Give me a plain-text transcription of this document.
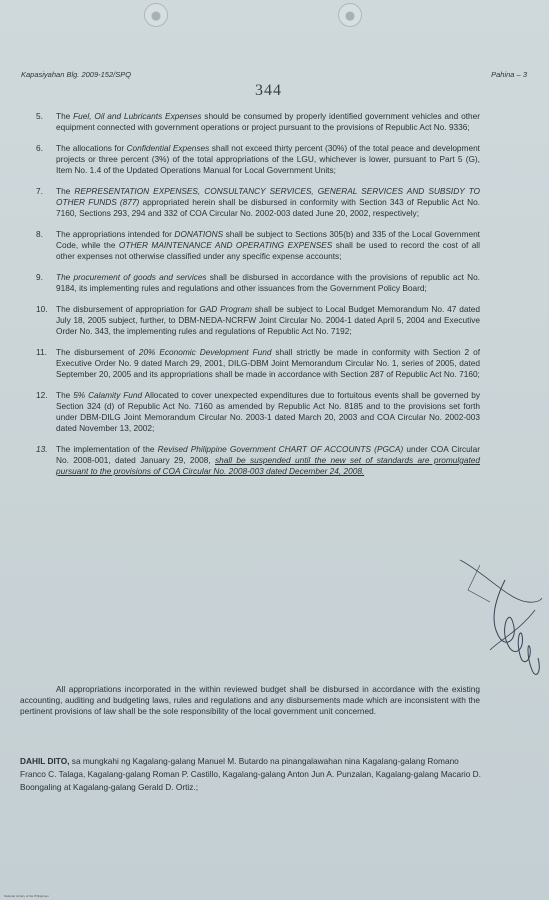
Kapasiyahan Blg. 2009-152/SPQ	Pahina – 3
344
5.	The Fuel, Oil and Lubricants Expenses should be consumed by properly identified government vehicles and other equipment connected with government operations or project pursuant to the provisions of Republic Act No. 9336;
6.	The allocations for Confidential Expenses shall not exceed thirty percent (30%) of the total peace and development projects or three percent (3%) of the total appropriations of the LGU, whichever is lower, pursuant to Part 5 (G), Item No. 1.4 of the Updated Operations Manual for Local Government Units;
7.	The REPRESENTATION EXPENSES, CONSULTANCY SERVICES, GENERAL SERVICES AND SUBSIDY TO OTHER FUNDS (877) appropriated herein shall be disbursed in conformity with Section 343 of Republic Act No. 7160, Sections 293, 294 and 332 of COA Circular No. 2002-003 dated June 20, 2002, respectively;
8.	The appropriations intended for DONATIONS shall be subject to Sections 305(b) and 335 of the Local Government Code, while the OTHER MAINTENANCE AND OPERATING EXPENSES shall be used to record the cost of all other expenses not otherwise classified under any specific expense accounts;
9.	The procurement of goods and services shall be disbursed in accordance with the provisions of republic act No. 9184, its implementing rules and regulations and other issuances from the Government Policy Board;
10.	The disbursement of appropriation for GAD Program shall be subject to Local Budget Memorandum No. 47 dated July 18, 2005 subject, further, to DBM-NEDA-NCRFW Joint Circular No. 2004-1 dated April 5, 2004 and Executive Order No. 343, the implementing rules and regulations of Republic Act No. 7192;
11.	The disbursement of 20% Economic Development Fund shall strictly be made in conformity with Section 2 of Executive Order No. 9 dated March 29, 2001, DILG-DBM Joint Memorandum Circular No. 1, series of 2005, dated September 20, 2005 and its appropriations shall be made in accordance with Section 287 of Republic Act No. 7160;
12.	The 5% Calamity Fund Allocated to cover unexpected expenditures due to fortuitous events shall be governed by Section 324 (d) of Republic Act No. 7160 as amended by Republic Act No. 8185 and to the provisions set forth under DBM-DILG Joint Memorandum Circular No. 2003-1 dated March 20, 2003 and COA Circular No. 2002-003 dated November 13, 2002;
13.	The implementation of the Revised Philippine Government CHART OF ACCOUNTS (PGCA) under COA Circular No. 2008-001, dated January 29, 2008, shall be suspended until the new set of standards are promulgated pursuant to the provisions of COA Circular No. 2008-003 dated December 24, 2008.
All appropriations incorporated in the within reviewed budget shall be disbursed in accordance with the existing accounting, auditing and budgeting laws, rules and regulations and any disbursements made which are inconsistent with the pertinent provisions of law shall be the sole responsibility of the local government unit concerned.
DAHIL DITO, sa mungkahi ng Kagalang-galang Manuel M. Butardo na pinangalawahan nina Kagalang-galang Romano Franco C. Talaga, Kagalang-galang Roman P. Castillo, Kagalang-galang Anton Jun A. Punzalan, Kagalang-galang Macario D. Boongaling at Kagalang-galang Gerald D. Ortiz.;
National Library of the Philippines
